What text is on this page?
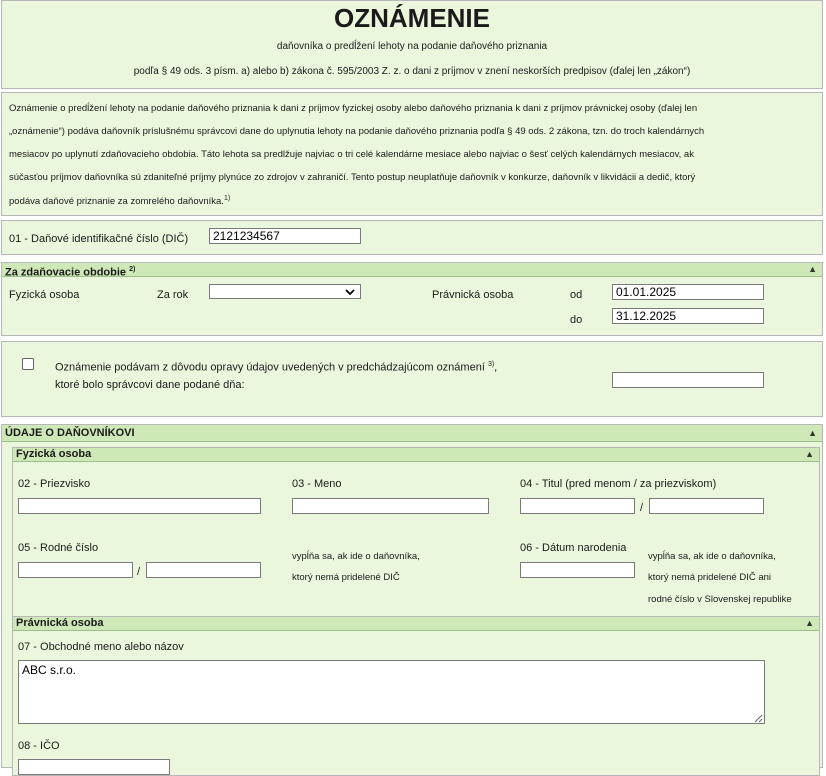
OZNÁMENIE
daňovníka o predĺžení lehoty na podanie daňového priznania
podľa § 49 ods. 3 písm. a) alebo b) zákona č. 595/2003 Z. z. o dani z príjmov v znení neskorších predpisov (ďalej len „zákon“)
Oznámenie o predĺžení lehoty na podanie daňového priznania k dani z príjmov fyzickej osoby alebo daňového priznania k dani z príjmov právnickej osoby (ďalej len
„oznámenie“) podáva daňovník príslušnému správcovi dane do uplynutia lehoty na podanie daňového priznania podľa § 49 ods. 2 zákona, tzn. do troch kalendárnych
mesiacov po uplynutí zdaňovacieho obdobia. Táto lehota sa predlžuje najviac o tri celé kalendárne mesiace alebo najviac o šesť celých kalendárnych mesiacov, ak
súčasťou príjmov daňovníka sú zdaniteľné príjmy plynúce zo zdrojov v zahraničí. Tento postup neuplatňuje daňovník v konkurze, daňovník v likvidácii a dedič, ktorý
podáva daňové priznanie za zomrelého daňovníka.$^{1)}$
01 - Daňové identifikačné číslo (DIČ)	2121234567
Za zdaňovacie obdobie $^{2)}$	▲
Fyzická osoba	Za rok	Právnická osoba	od	01.01.2025
do	31.12.2025
Oznámenie podávam z dôvodu opravy údajov uvedených v predchádzajúcom oznámení $^{3)}$,
ktoré bolo správcovi dane podané dňa:
ÚDAJE O DAŇOVNÍKOVI	▲
Fyzická osoba	▲
02 - Priezvisko	03 - Meno	04 - Titul (pred menom / za priezviskom)
/
05 - Rodné číslo	06 - Dátum narodenia
vypĺňa sa, ak ide o daňovníka,
ktorý nemá pridelené DIČ
vypĺňa sa, ak ide o daňovníka,
ktorý nemá pridelené DIČ ani
rodné číslo v Slovenskej republike
/
Právnická osoba	▲
07 - Obchodné meno alebo názov
ABC s.r.o.
08 - IČO
